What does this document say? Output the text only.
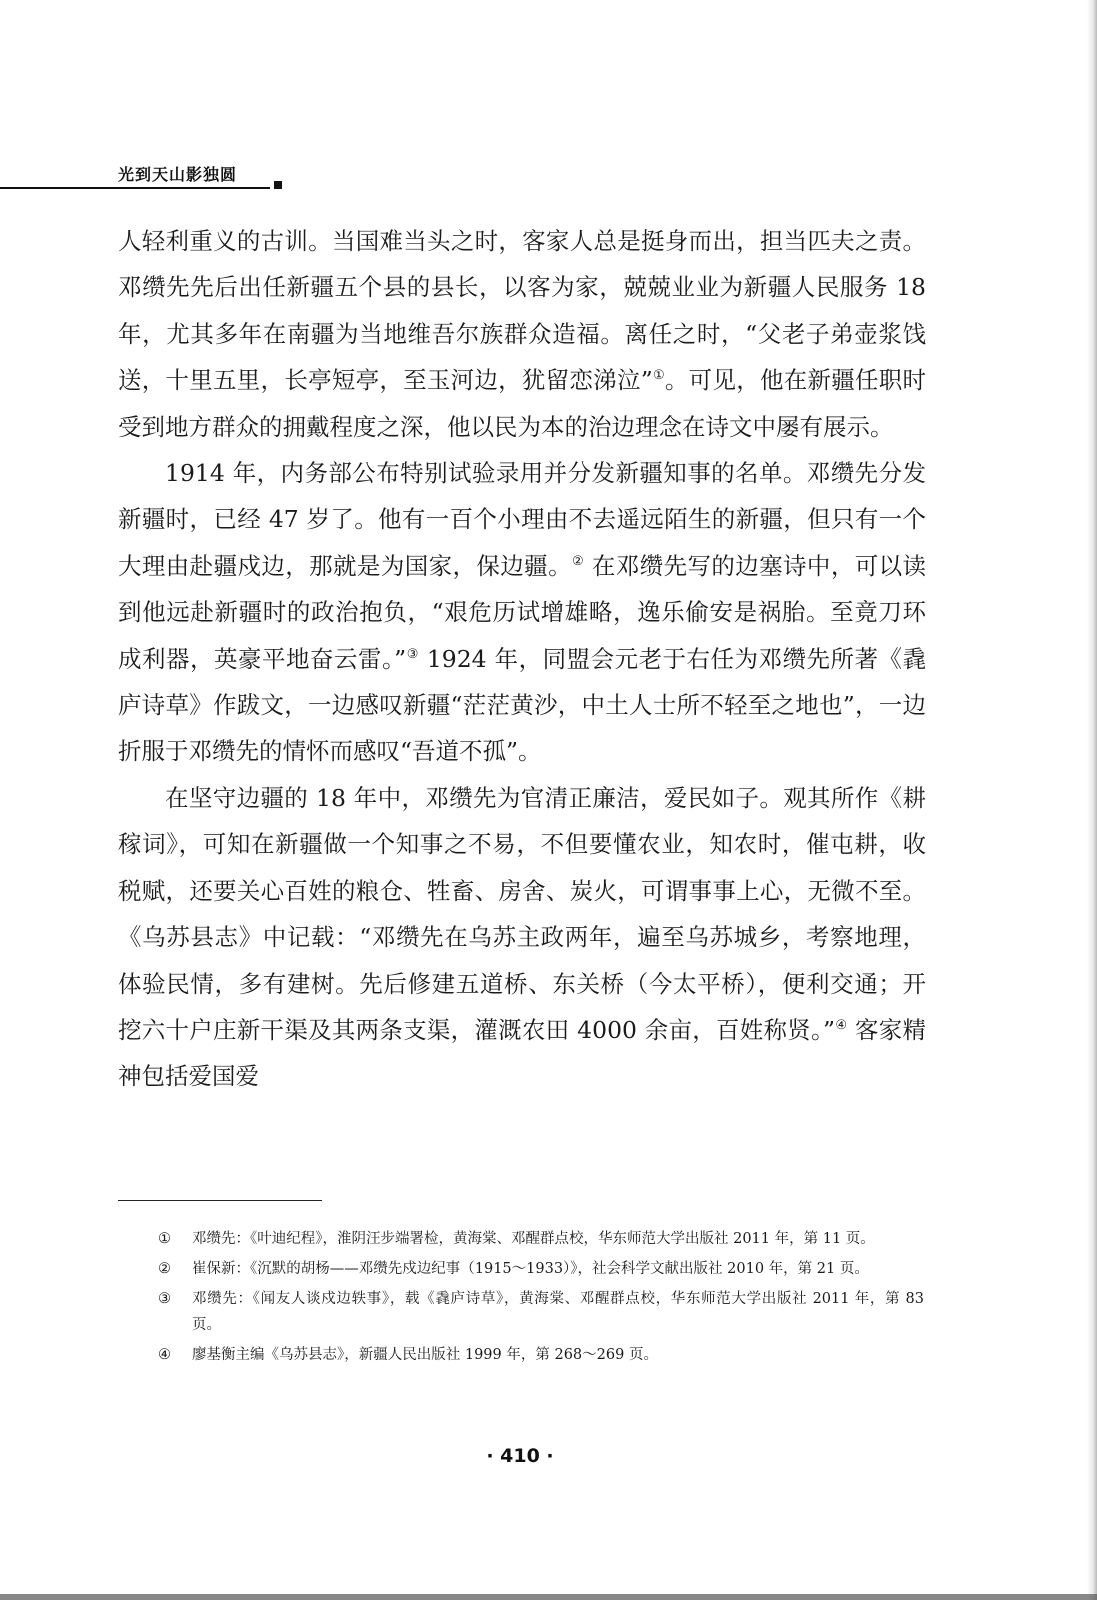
光到天山影独圆

人轻利重义的古训。当国难当头之时，客家人总是挺身而出，担当匹夫之责。邓缵先先后出任新疆五个县的县长，以客为家，兢兢业业为新疆人民服务 18 年，尤其多年在南疆为当地维吾尔族群众造福。离任之时，“父老子弟壶浆饯送，十里五里，长亭短亭，至玉河边，犹留恋涕泣”①。可见，他在新疆任职时受到地方群众的拥戴程度之深，他以民为本的治边理念在诗文中屡有展示。

1914 年，内务部公布特别试验录用并分发新疆知事的名单。邓缵先分发新疆时，已经 47 岁了。他有一百个小理由不去遥远陌生的新疆，但只有一个大理由赴疆戍边，那就是为国家，保边疆。② 在邓缵先写的边塞诗中，可以读到他远赴新疆时的政治抱负，“艰危历试增雄略，逸乐偷安是祸胎。至竟刀环成利器，英豪平地奋云雷。”③ 1924 年，同盟会元老于右任为邓缵先所著《毳庐诗草》作跋文，一边感叹新疆“茫茫黄沙，中土人士所不轻至之地也”，一边折服于邓缵先的情怀而感叹“吾道不孤”。

在坚守边疆的 18 年中，邓缵先为官清正廉洁，爱民如子。观其所作《耕稼词》，可知在新疆做一个知事之不易，不但要懂农业，知农时，催屯耕，收税赋，还要关心百姓的粮仓、牲畜、房舍、炭火，可谓事事上心，无微不至。《乌苏县志》中记载：“邓缵先在乌苏主政两年，遍至乌苏城乡，考察地理，体验民情，多有建树。先后修建五道桥、东关桥（今太平桥），便利交通；开挖六十户庄新干渠及其两条支渠，灌溉农田 4000 余亩，百姓称贤。”④ 客家精神包括爱国爱

① 邓缵先：《叶迪纪程》，淮阴汪步端署检，黄海棠、邓醒群点校，华东师范大学出版社 2011 年，第 11 页。
② 崔保新：《沉默的胡杨——邓缵先戍边纪事（1915～1933）》，社会科学文献出版社 2010 年，第 21 页。
③ 邓缵先：《闻友人谈戍边轶事》，载《毳庐诗草》，黄海棠、邓醒群点校，华东师范大学出版社 2011 年，第 83 页。
④ 廖基衡主编《乌苏县志》，新疆人民出版社 1999 年，第 268～269 页。
· 410 ·
